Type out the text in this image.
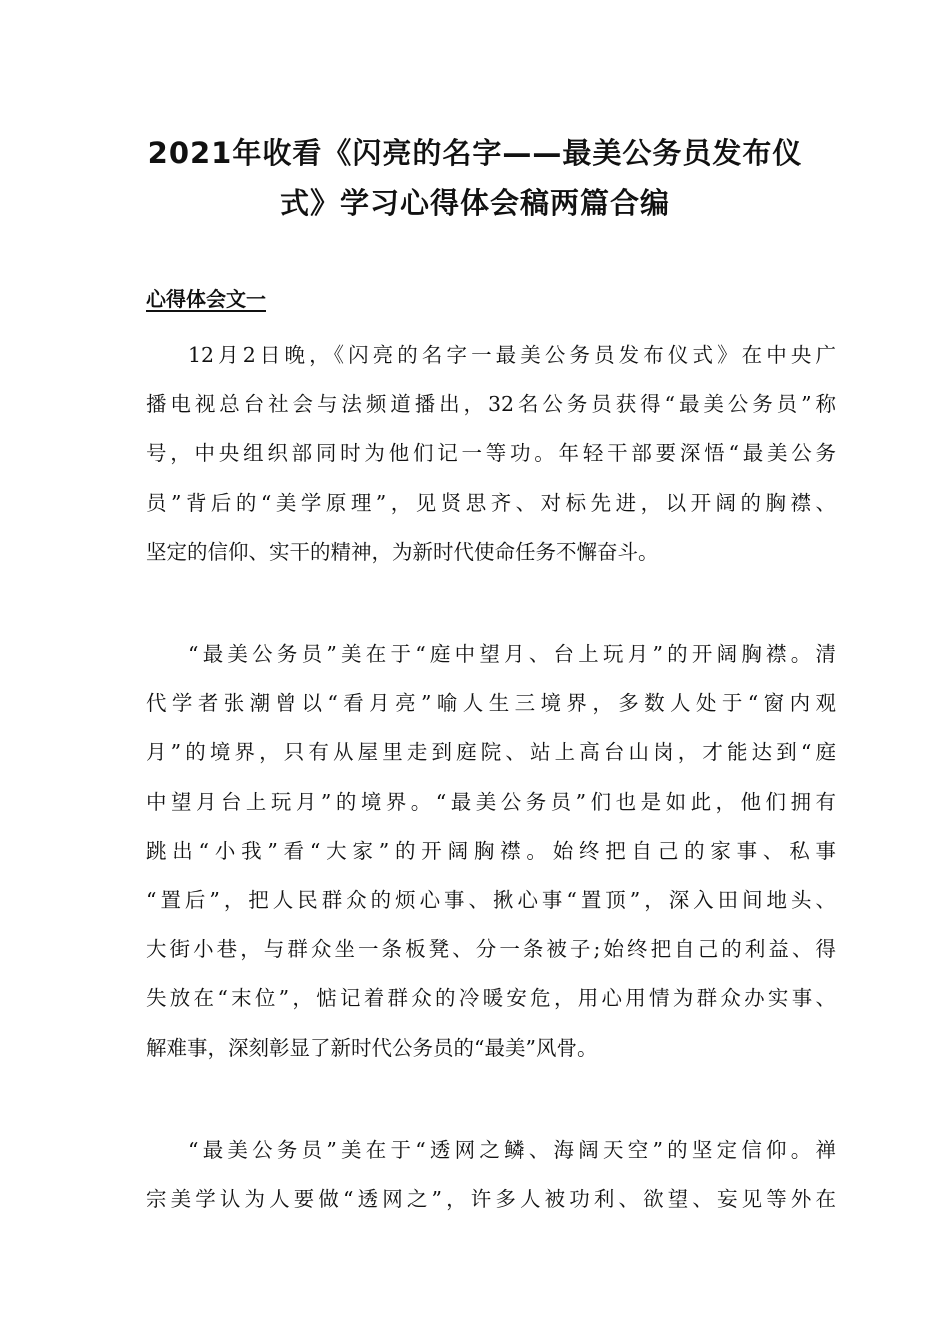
2021年收看《闪亮的名字——最美公务员发布仪
式》学习心得体会稿两篇合编
心得体会文一
12月2日晚，《闪亮的名字一最美公务员发布仪式》在中央广
播电视总台社会与法频道播出，32名公务员获得“最美公务员”称
号，中央组织部同时为他们记一等功。年轻干部要深悟“最美公务
员”背后的“美学原理”，见贤思齐、对标先进，以开阔的胸襟、
坚定的信仰、实干的精神，为新时代使命任务不懈奋斗。
“最美公务员”美在于“庭中望月、台上玩月”的开阔胸襟。清
代学者张潮曾以“看月亮”喻人生三境界，多数人处于“窗内观
月”的境界，只有从屋里走到庭院、站上高台山岗，才能达到“庭
中望月台上玩月”的境界。“最美公务员”们也是如此，他们拥有
跳出“小我”看“大家”的开阔胸襟。始终把自己的家事、私事
“置后”，把人民群众的烦心事、揪心事“置顶”，深入田间地头、
大街小巷，与群众坐一条板凳、分一条被子;始终把自己的利益、得
失放在“末位”，惦记着群众的冷暖安危，用心用情为群众办实事、
解难事，深刻彰显了新时代公务员的“最美”风骨。
“最美公务员”美在于“透网之鳞、海阔天空”的坚定信仰。禅
宗美学认为人要做“透网之”，许多人被功利、欲望、妄见等外在
